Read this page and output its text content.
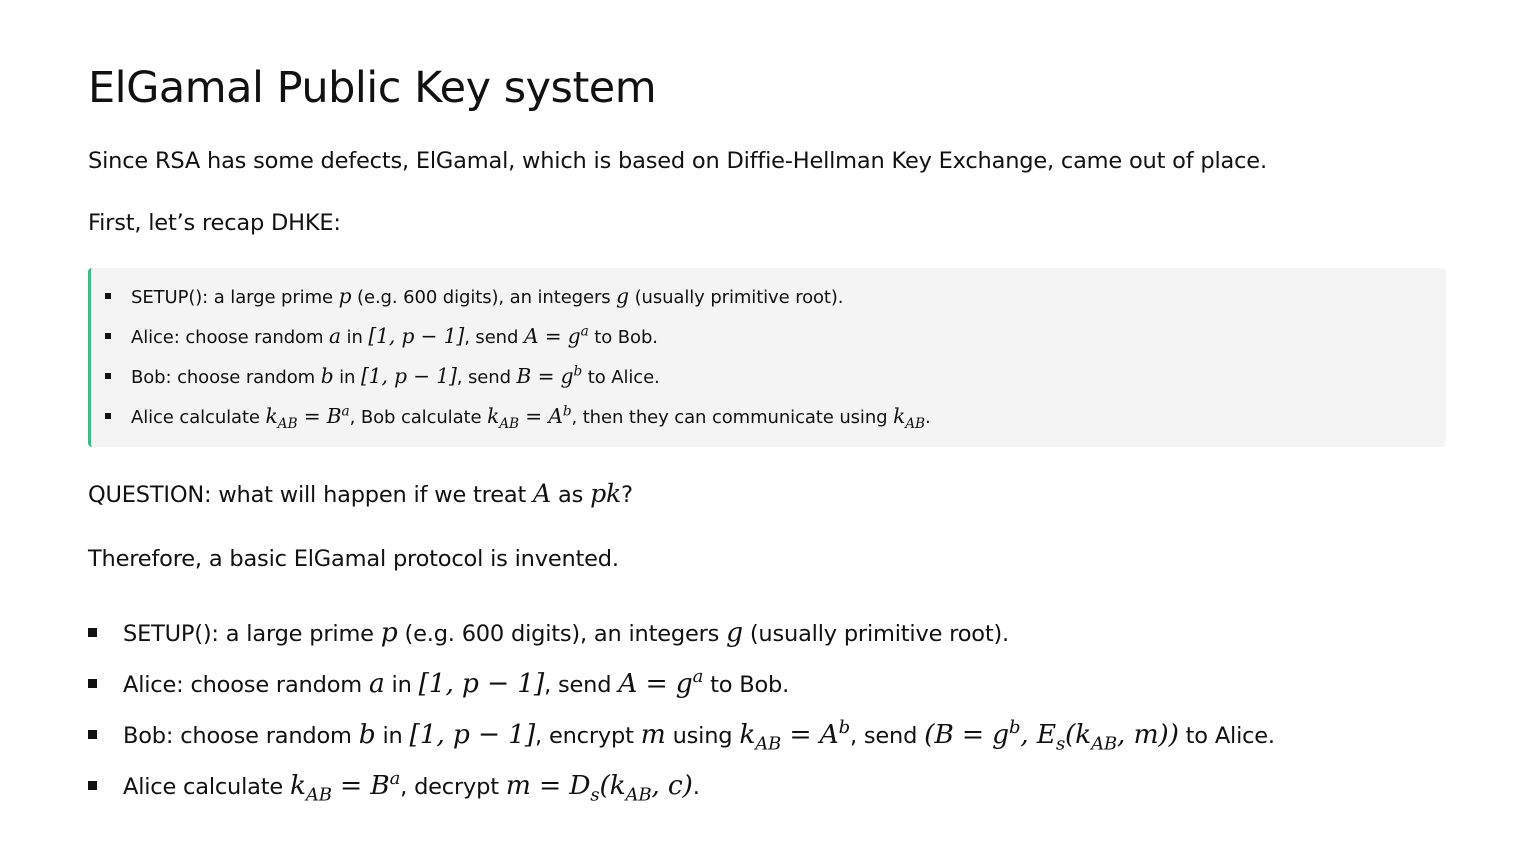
ElGamal Public Key system

Since RSA has some defects, ElGamal, which is based on Diffie-Hellman Key Exchange, came out of place.

First, let’s recap DHKE:

SETUP(): a large prime p (e.g. 600 digits), an integers g (usually primitive root).
Alice: choose random a in [1, p − 1], send $A = g^a$ to Bob.
Bob: choose random b in [1, p − 1], send $B = g^b$ to Alice.
Alice calculate $k_{AB} = B^a$, Bob calculate $k_{AB} = A^b$, then they can communicate using $k_{AB}$.

QUESTION: what will happen if we treat A as pk?

Therefore, a basic ElGamal protocol is invented.

SETUP(): a large prime p (e.g. 600 digits), an integers g (usually primitive root).
Alice: choose random a in [1, p − 1], send $A = g^a$ to Bob.
Bob: choose random b in [1, p − 1], encrypt m using $k_{AB} = A^b$, send ($B = g^b$, $E_s(k_{AB}$, m)) to Alice.
Alice calculate $k_{AB} = B^a$, decrypt $m = D_s(k_{AB}$, c).
